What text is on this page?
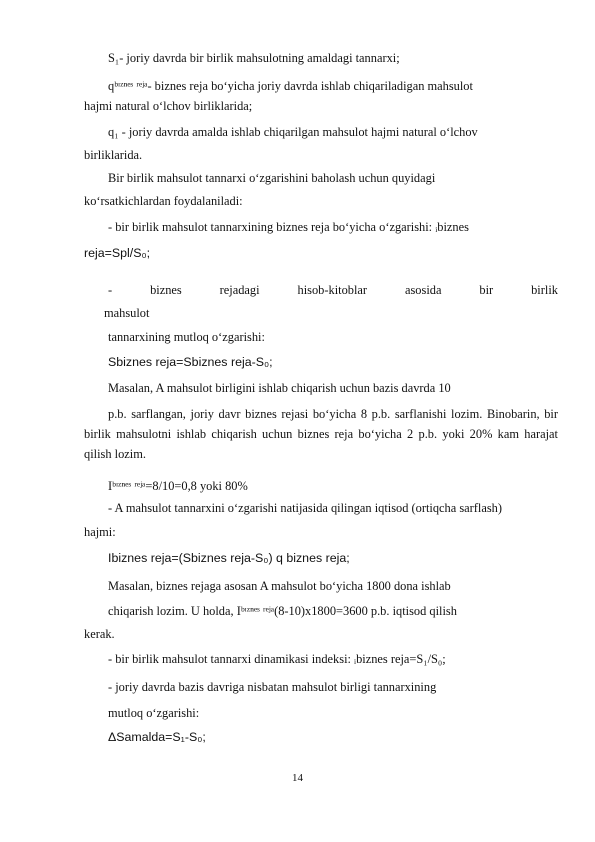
S₁- joriy davrda bir birlik mahsulotning amaldagi tannarxi;
qᵇᶦᶻⁿᵉˢ ʳᵉʲᵃ- biznes reja bo‘yicha joriy davrda ishlab chiqariladigan mahsulot
hajmi natural o‘lchov birliklarida;
q₁ - joriy davrda amalda ishlab chiqarilgan mahsulot hajmi natural o‘lchov
birliklarida.
Bir birlik mahsulot tannarxi o‘zgarishini baholash uchun quyidagi
ko‘rsatkichlardan foydalaniladi:
- bir birlik mahsulot tannarxining biznes reja bo‘yicha o‘zgarishi: ᵢbiznes
reja=Spl/S₀;
-	biznes	rejadagi	hisob-kitoblar	asosida	bir	birlik
mahsulot
tannarxining mutloq o‘zgarishi:
Sbiznes reja=Sbiznes reja-S₀;
Masalan, A mahsulot birligini ishlab chiqarish uchun bazis davrda 10
p.b. sarflangan, joriy davr biznes rejasi bo‘yicha 8 p.b. sarflanishi lozim. Binobarin, bir birlik mahsulotni ishlab chiqarish uchun biznes reja bo‘yicha 2 p.b. yoki 20% kam harajat qilish lozim.
Iᵇᶦᶻⁿᵉˢ ʳᵉʲᵃ=8/10=0,8 yoki 80%
- A mahsulot tannarxini o‘zgarishi natijasida qilingan iqtisod (ortiqcha sarflash)
hajmi:
Ibiznes reja=(Sbiznes reja-S₀) q biznes reja;
Masalan, biznes rejaga asosan A mahsulot bo‘yicha 1800 dona ishlab
chiqarish lozim. U holda, Iᵇᶦᶻⁿᵉˢ ʳᵉʲᵃ(8-10)x1800=3600 p.b. iqtisod qilish
kerak.
- bir birlik mahsulot tannarxi dinamikasi indeksi: ᵢbiznes reja=S₁/S₀;
- joriy davrda bazis davriga nisbatan mahsulot birligi tannarxining
mutloq o‘zgarishi:
ΔSamalda=S₁-S₀;
14
